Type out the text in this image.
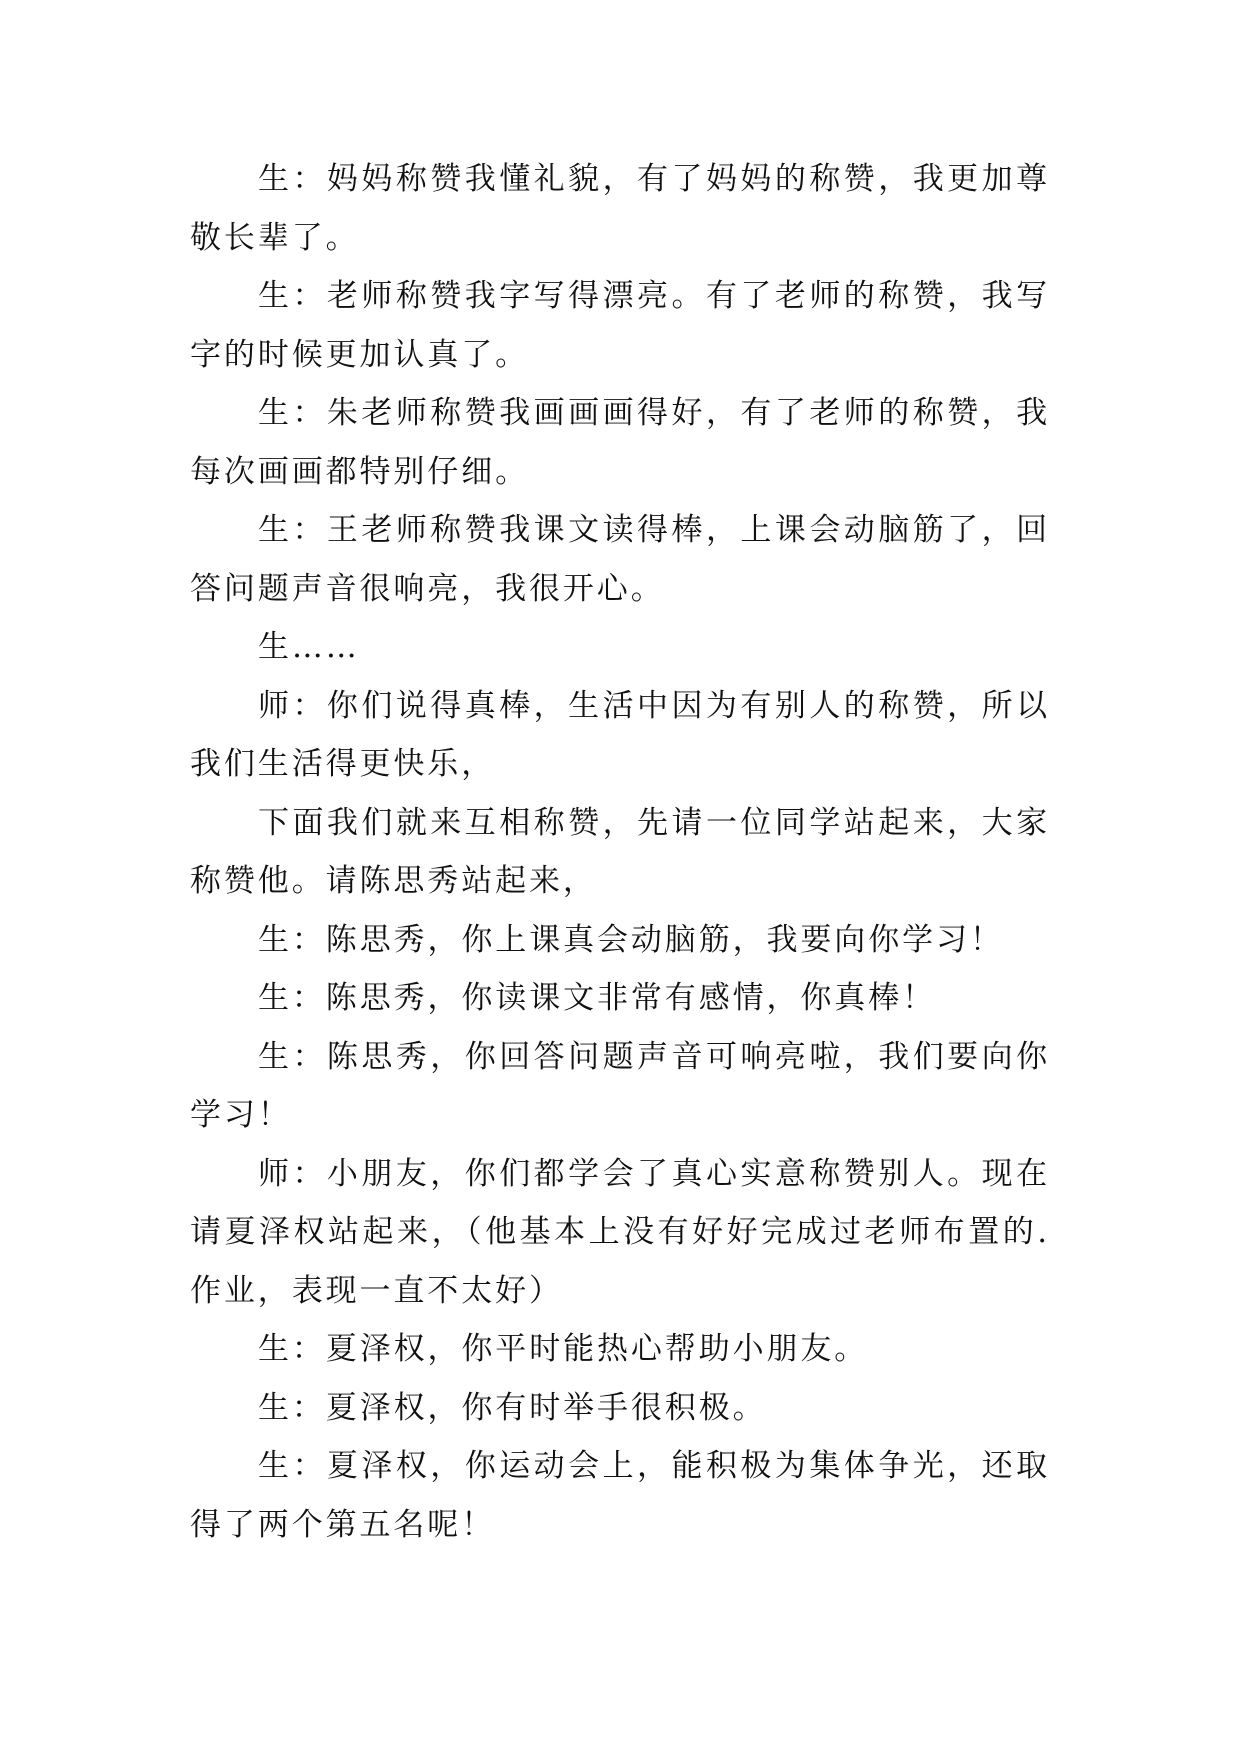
生：妈妈称赞我懂礼貌，有了妈妈的称赞，我更加尊敬长辈了。

生：老师称赞我字写得漂亮。有了老师的称赞，我写字的时候更加认真了。

生：朱老师称赞我画画画得好，有了老师的称赞，我每次画画都特别仔细。

生：王老师称赞我课文读得棒，上课会动脑筋了，回答问题声音很响亮，我很开心。

生……

师：你们说得真棒，生活中因为有别人的称赞，所以我们生活得更快乐，

下面我们就来互相称赞，先请一位同学站起来，大家称赞他。请陈思秀站起来，

生：陈思秀，你上课真会动脑筋，我要向你学习！

生：陈思秀，你读课文非常有感情，你真棒！

生：陈思秀，你回答问题声音可响亮啦，我们要向你学习！

师：小朋友，你们都学会了真心实意称赞别人。现在请夏泽权站起来，（他基本上没有好好完成过老师布置的.作业，表现一直不太好）

生：夏泽权，你平时能热心帮助小朋友。

生：夏泽权，你有时举手很积极。

生：夏泽权，你运动会上，能积极为集体争光，还取得了两个第五名呢！
